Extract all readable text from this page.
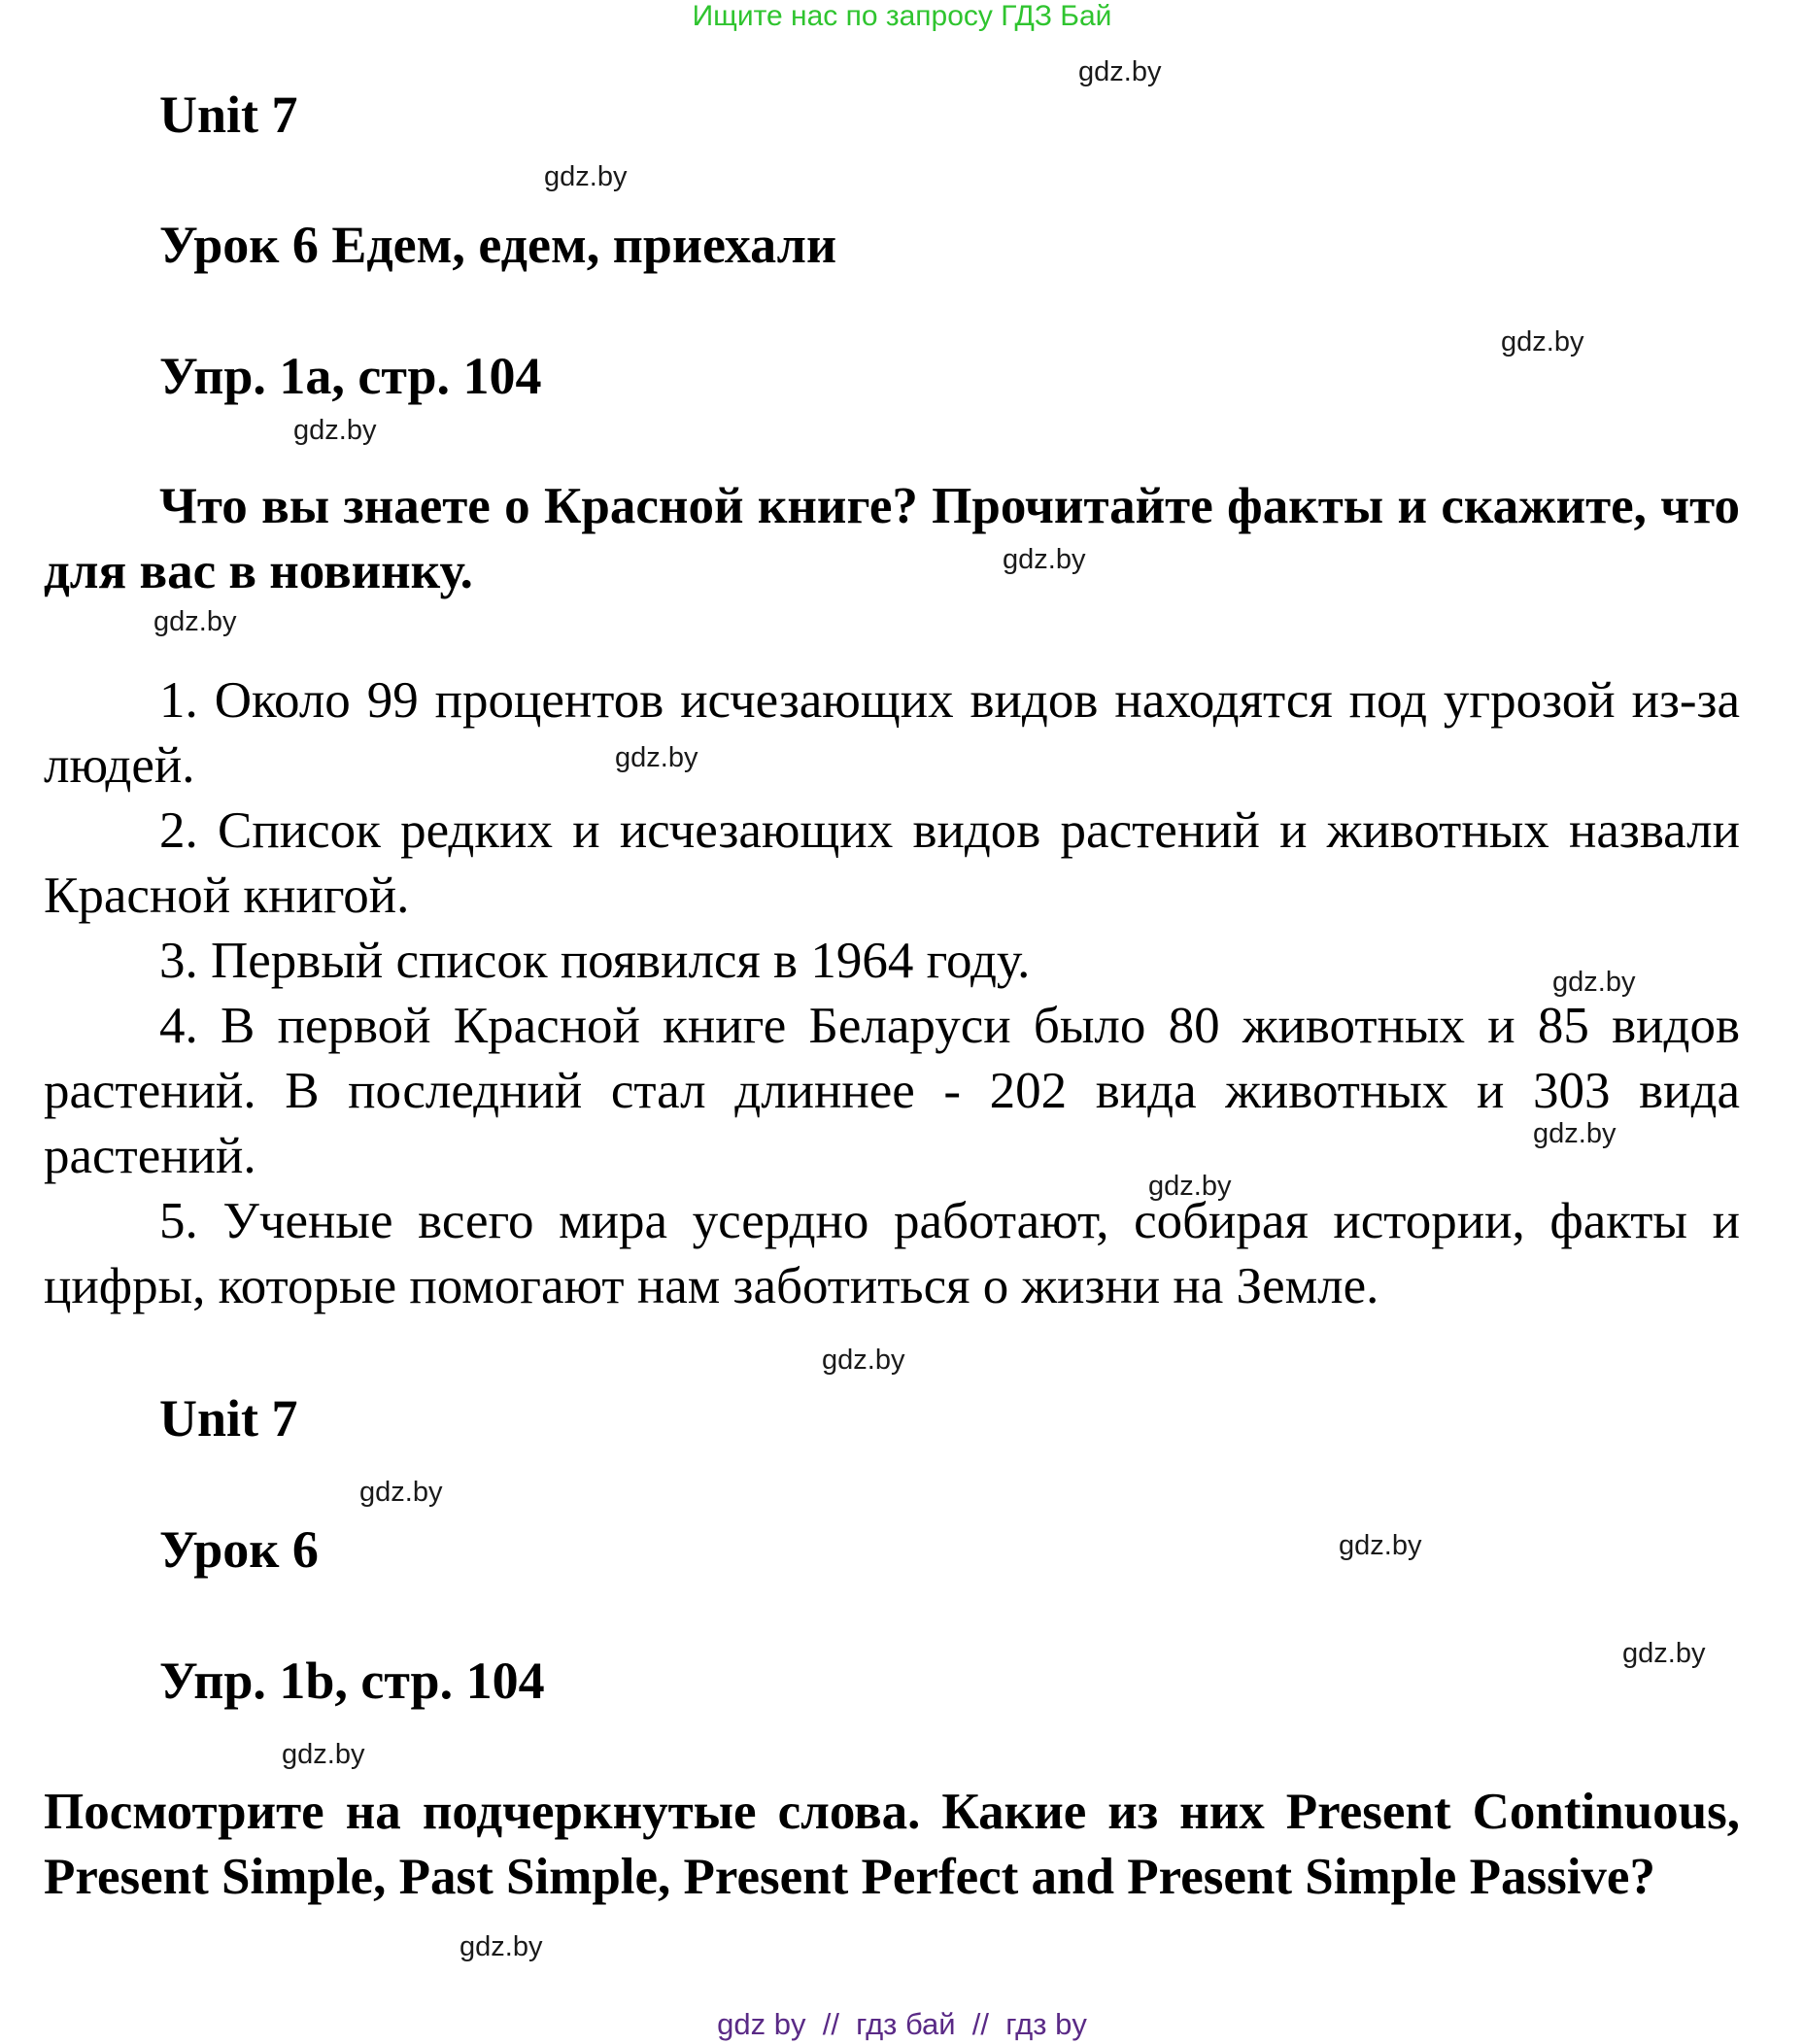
Ищите нас по запросу ГДЗ Бай
Unit 7
Урок 6 Едем, едем, приехали
Упр. 1a, стр. 104
Что вы знаете о Красной книге? Прочитайте факты и скажите, что для вас в новинку.
1. Около 99 процентов исчезающих видов находятся под угрозой из-за людей.
2. Список редких и исчезающих видов растений и животных назвали Красной книгой.
3. Первый список появился в 1964 году.
4. В первой Красной книге Беларуси было 80 животных и 85 видов растений. В последний стал длиннее - 202 вида животных и 303 вида растений.
5. Ученые всего мира усердно работают, собирая истории, факты и цифры, которые помогают нам заботиться о жизни на Земле.
Unit 7
Урок 6
Упр. 1b, стр. 104
Посмотрите на подчеркнутые слова. Какие из них Present Continuous, Present Simple, Past Simple, Present Perfect and Present Simple Passive?
gdz.by
gdz.by
gdz.by
gdz.by
gdz.by
gdz.by
gdz.by
gdz.by
gdz.by
gdz.by
gdz.by
gdz.by
gdz.by
gdz.by
gdz.by
gdz.by
gdz by  //  гдз бай  //  гдз by
